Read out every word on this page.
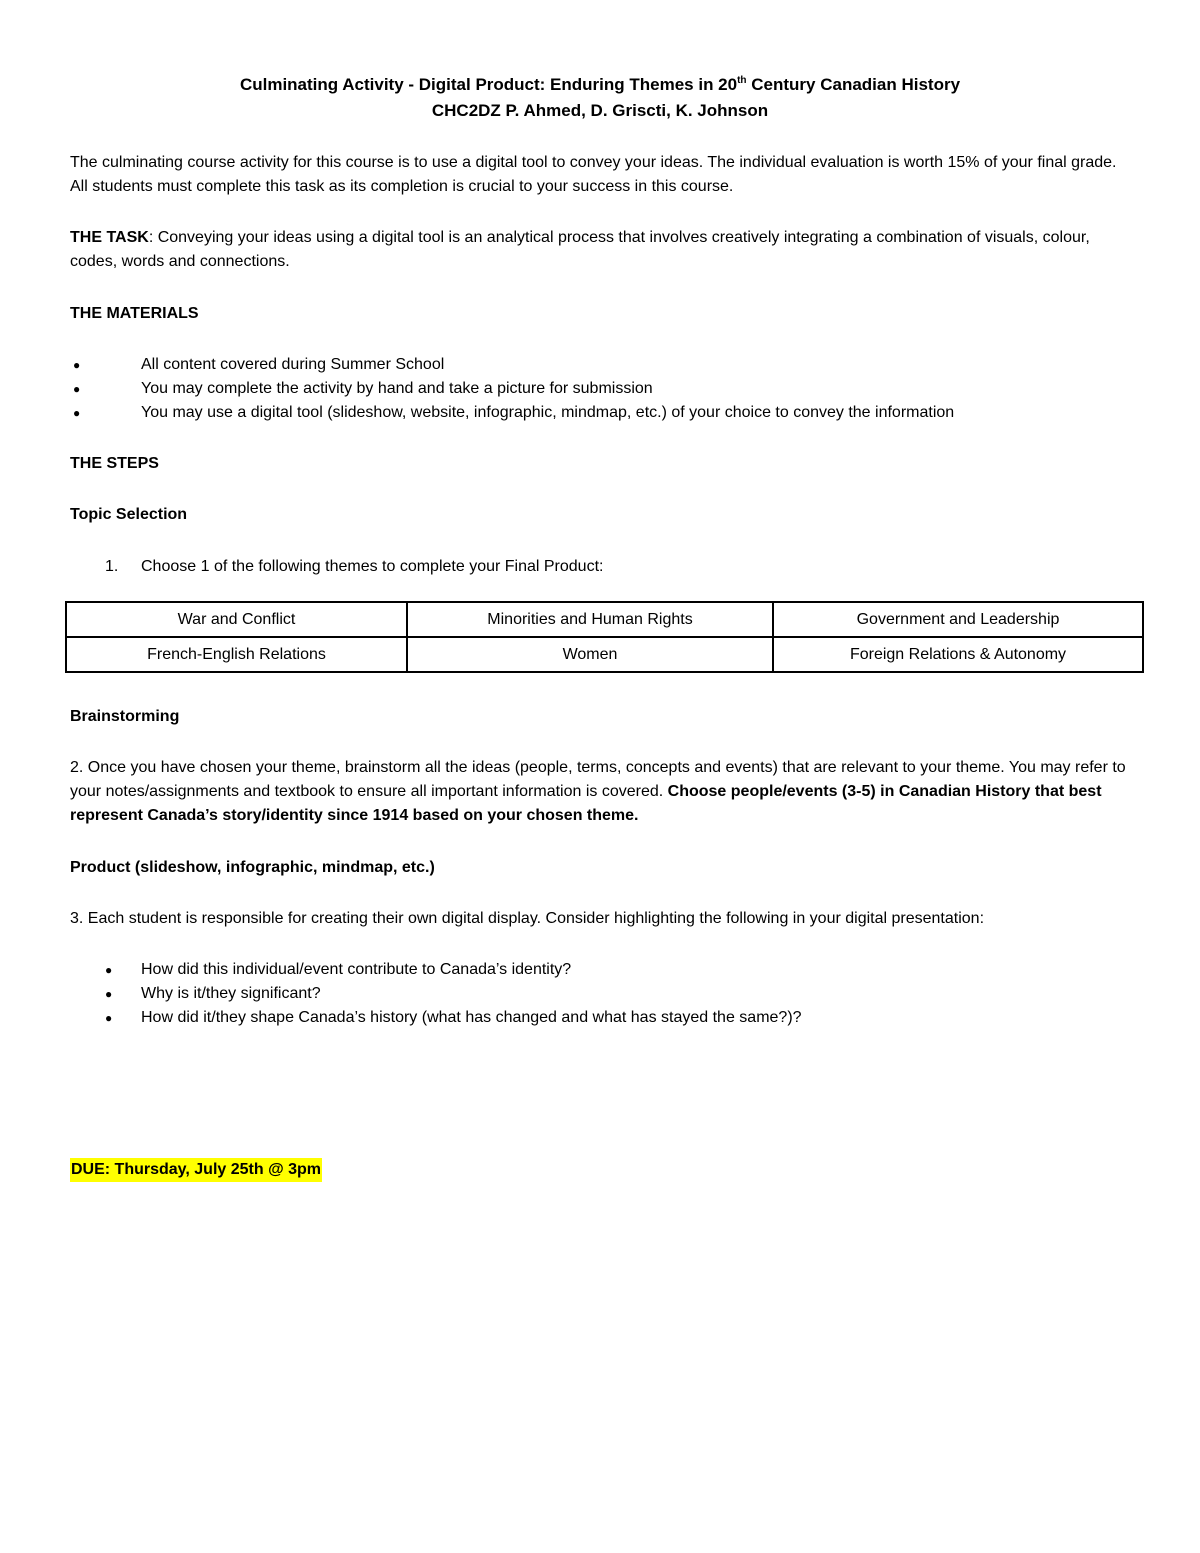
Culminating Activity - Digital Product: Enduring Themes in 20th Century Canadian History
CHC2DZ P. Ahmed, D. Griscti, K. Johnson
The culminating course activity for this course is to use a digital tool to convey your ideas. The individual evaluation is worth 15% of your final grade.
All students must complete this task as its completion is crucial to your success in this course.
THE TASK: Conveying your ideas using a digital tool is an analytical process that involves creatively integrating a combination of visuals, colour, codes, words and connections.
THE MATERIALS
●	All content covered during Summer School
●	You may complete the activity by hand and take a picture for submission
●	You may use a digital tool (slideshow, website, infographic, mindmap, etc.) of your choice to convey the information
THE STEPS
Topic Selection
1. Choose 1 of the following themes to complete your Final Product:
War and Conflict	Minorities and Human Rights	Government and Leadership
French-English Relations	Women	Foreign Relations & Autonomy
Brainstorming
2. Once you have chosen your theme, brainstorm all the ideas (people, terms, concepts and events) that are relevant to your theme. You may refer to your notes/assignments and textbook to ensure all important information is covered. Choose people/events (3-5) in Canadian History that best represent Canada’s story/identity since 1914 based on your chosen theme.
Product (slideshow, infographic, mindmap, etc.)
3. Each student is responsible for creating their own digital display. Consider highlighting the following in your digital presentation:
●	How did this individual/event contribute to Canada’s identity?
●	Why is it/they significant?
●	How did it/they shape Canada’s history (what has changed and what has stayed the same?)?
DUE: Thursday, July 25th @ 3pm
